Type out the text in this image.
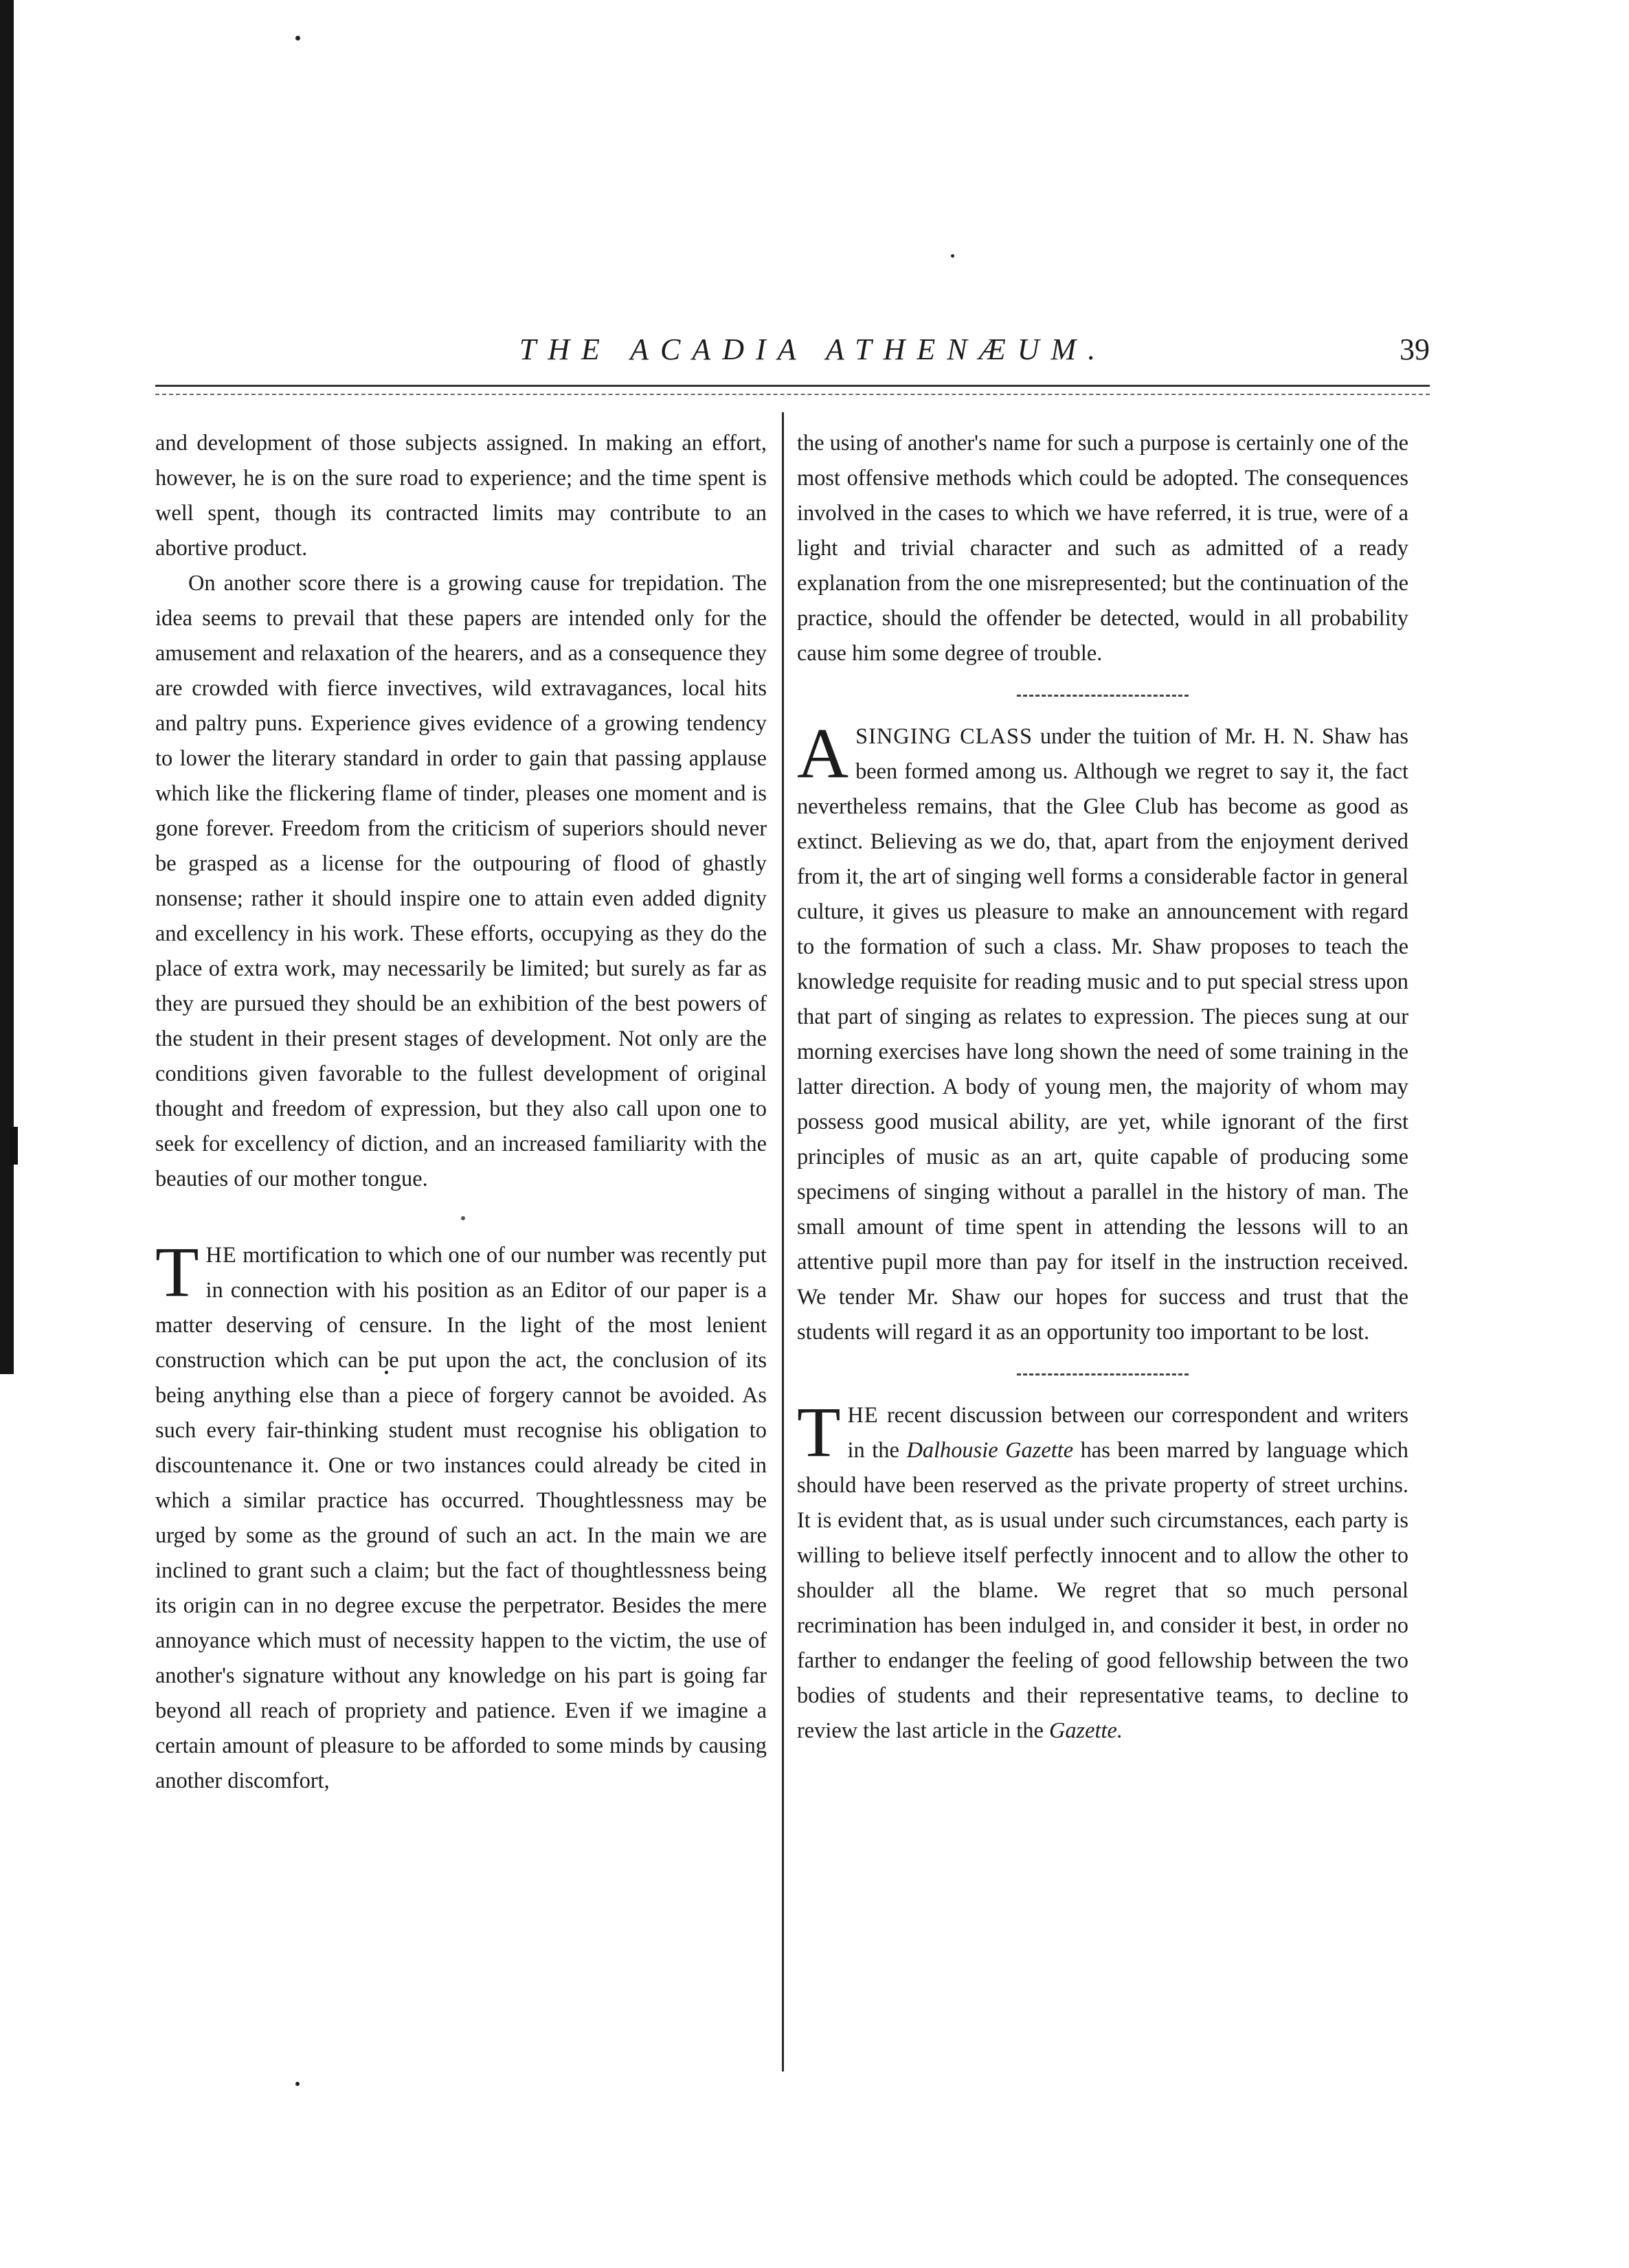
THE ACADIA ATHENÆUM.	39

and development of those subjects assigned. In making an effort, however, he is on the sure road to experience; and the time spent is well spent, though its contracted limits may contribute to an abortive product.

On another score there is a growing cause for trepidation. The idea seems to prevail that these papers are intended only for the amusement and relaxation of the hearers, and as a consequence they are crowded with fierce invectives, wild extravagances, local hits and paltry puns. Experience gives evidence of a growing tendency to lower the literary standard in order to gain that passing applause which like the flickering flame of tinder, pleases one moment and is gone forever. Freedom from the criticism of superiors should never be grasped as a license for the outpouring of flood of ghastly nonsense; rather it should inspire one to attain even added dignity and excellency in his work. These efforts, occupying as they do the place of extra work, may necessarily be limited; but surely as far as they are pursued they should be an exhibition of the best powers of the student in their present stages of development. Not only are the conditions given favorable to the fullest development of original thought and freedom of expression, but they also call upon one to seek for excellency of diction, and an increased familiarity with the beauties of our mother tongue.

THE mortification to which one of our number was recently put in connection with his position as an Editor of our paper is a matter deserving of censure. In the light of the most lenient construction which can be put upon the act, the conclusion of its being anything else than a piece of forgery cannot be avoided. As such every fair-thinking student must recognise his obligation to discountenance it. One or two instances could already be cited in which a similar practice has occurred. Thoughtlessness may be urged by some as the ground of such an act. In the main we are inclined to grant such a claim; but the fact of thoughtlessness being its origin can in no degree excuse the perpetrator. Besides the mere annoyance which must of necessity happen to the victim, the use of another's signature without any knowledge on his part is going far beyond all reach of propriety and patience. Even if we imagine a certain amount of pleasure to be afforded to some minds by causing another discomfort,

the using of another's name for such a purpose is certainly one of the most offensive methods which could be adopted. The consequences involved in the cases to which we have referred, it is true, were of a light and trivial character and such as admitted of a ready explanation from the one misrepresented; but the continuation of the practice, should the offender be detected, would in all probability cause him some degree of trouble.

ASINGING CLASS under the tuition of Mr. H. N. Shaw has been formed among us. Although we regret to say it, the fact nevertheless remains, that the Glee Club has become as good as extinct. Believing as we do, that, apart from the enjoyment derived from it, the art of singing well forms a considerable factor in general culture, it gives us pleasure to make an announcement with regard to the formation of such a class. Mr. Shaw proposes to teach the knowledge requisite for reading music and to put special stress upon that part of singing as relates to expression. The pieces sung at our morning exercises have long shown the need of some training in the latter direction. A body of young men, the majority of whom may possess good musical ability, are yet, while ignorant of the first principles of music as an art, quite capable of producing some specimens of singing without a parallel in the history of man. The small amount of time spent in attending the lessons will to an attentive pupil more than pay for itself in the instruction received. We tender Mr. Shaw our hopes for success and trust that the students will regard it as an opportunity too important to be lost.

THE recent discussion between our correspondent and writers in the Dalhousie Gazette has been marred by language which should have been reserved as the private property of street urchins. It is evident that, as is usual under such circumstances, each party is willing to believe itself perfectly innocent and to allow the other to shoulder all the blame. We regret that so much personal recrimination has been indulged in, and consider it best, in order no farther to endanger the feeling of good fellowship between the two bodies of students and their representative teams, to decline to review the last article in the Gazette.
